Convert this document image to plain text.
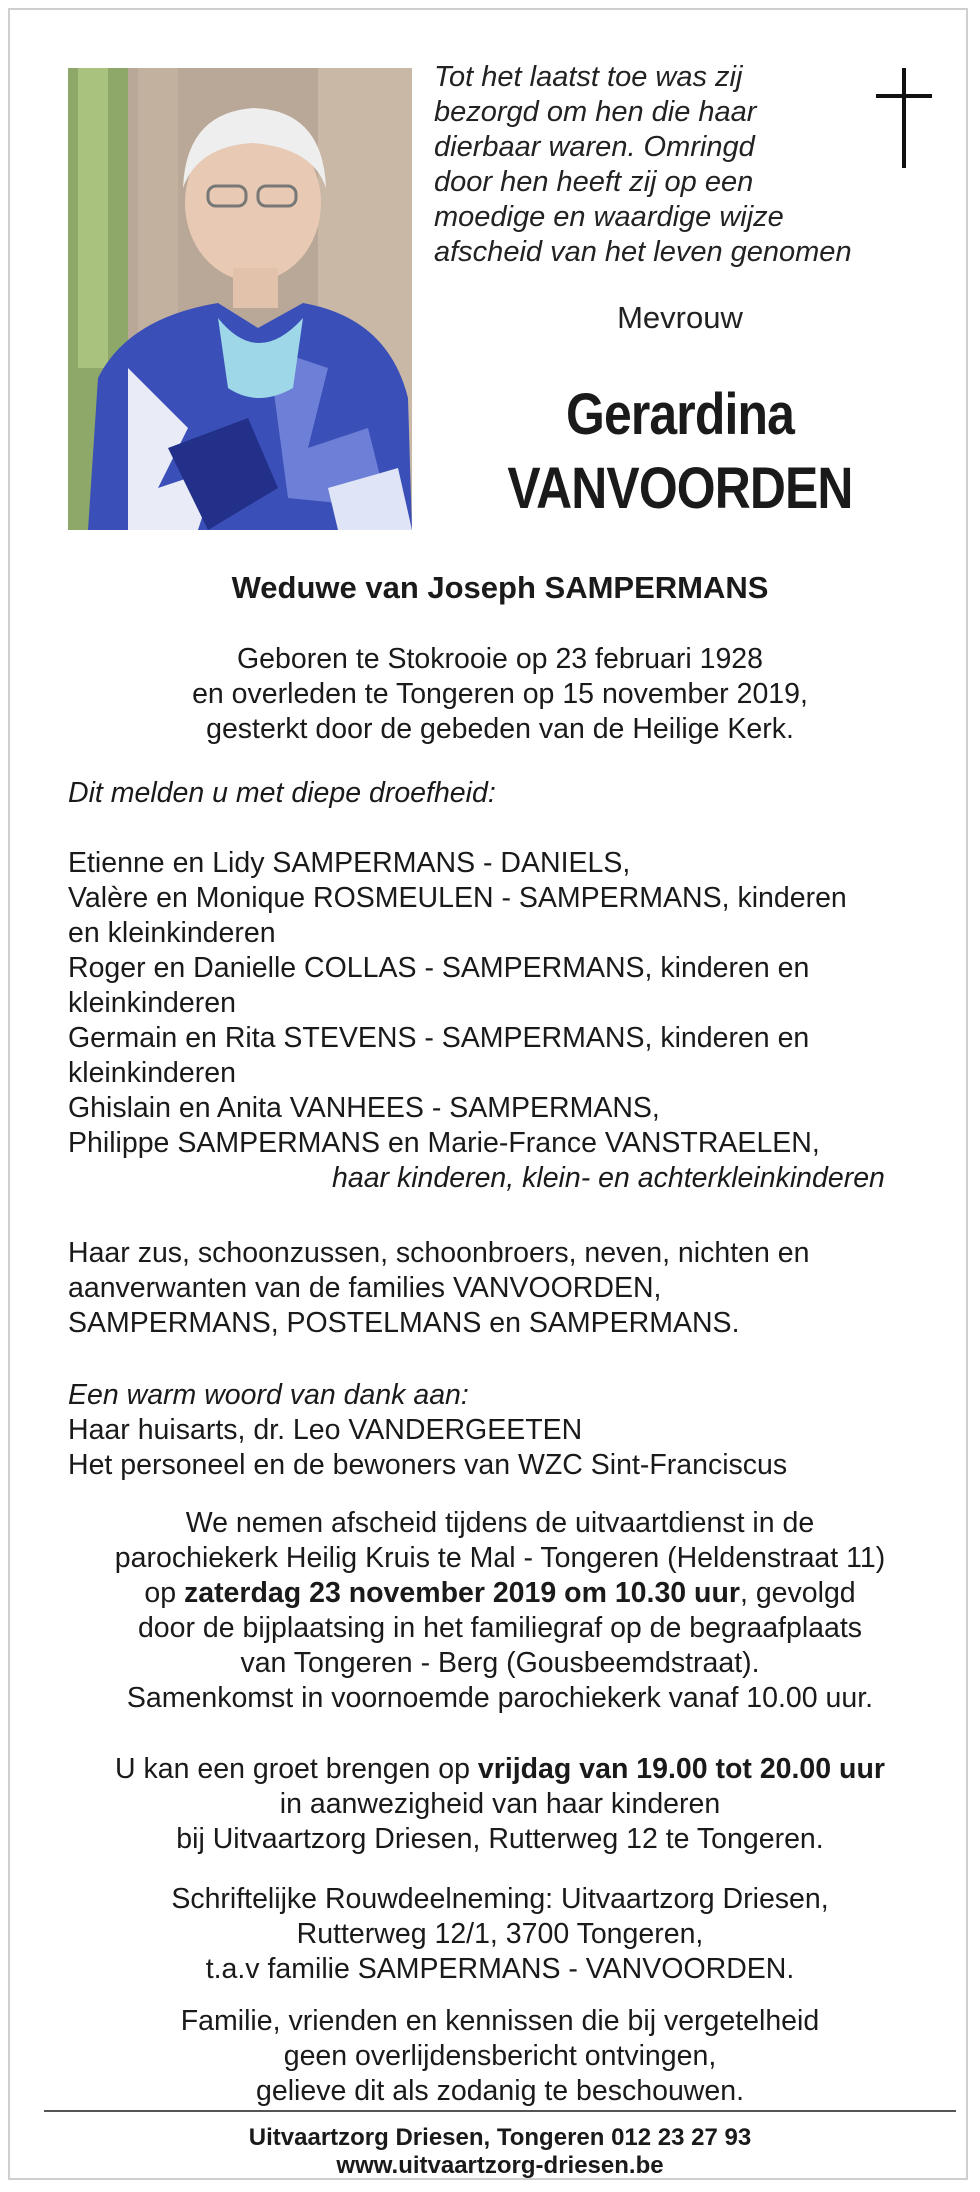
Tot het laatst toe was zij
bezorgd om hen die haar
dierbaar waren. Omringd
door hen heeft zij op een
moedige en waardige wijze
afscheid van het leven genomen
Mevrouw
Gerardina
VANVOORDEN
Weduwe van Joseph SAMPERMANS
Geboren te Stokrooie op 23 februari 1928
en overleden te Tongeren op 15 november 2019,
gesterkt door de gebeden van de Heilige Kerk.
Dit melden u met diepe droefheid:
Etienne en Lidy SAMPERMANS - DANIELS,
Valère en Monique ROSMEULEN - SAMPERMANS, kinderen
en kleinkinderen
Roger en Danielle COLLAS - SAMPERMANS, kinderen en
kleinkinderen
Germain en Rita STEVENS - SAMPERMANS, kinderen en
kleinkinderen
Ghislain en Anita VANHEES - SAMPERMANS,
Philippe SAMPERMANS en Marie-France VANSTRAELEN,
haar kinderen, klein- en achterkleinkinderen
Haar zus, schoonzussen, schoonbroers, neven, nichten en
aanverwanten van de families VANVOORDEN,
SAMPERMANS, POSTELMANS en SAMPERMANS.
Een warm woord van dank aan:
Haar huisarts, dr. Leo VANDERGEETEN
Het personeel en de bewoners van WZC Sint-Franciscus
We nemen afscheid tijdens de uitvaartdienst in de
parochiekerk Heilig Kruis te Mal - Tongeren (Heldenstraat 11)
op zaterdag 23 november 2019 om 10.30 uur, gevolgd
door de bijplaatsing in het familiegraf op de begraafplaats
van Tongeren - Berg (Gousbeemdstraat).
Samenkomst in voornoemde parochiekerk vanaf 10.00 uur.
U kan een groet brengen op vrijdag van 19.00 tot 20.00 uur
in aanwezigheid van haar kinderen
bij Uitvaartzorg Driesen, Rutterweg 12 te Tongeren.
Schriftelijke Rouwdeelneming: Uitvaartzorg Driesen,
Rutterweg 12/1, 3700 Tongeren,
t.a.v familie SAMPERMANS - VANVOORDEN.
Familie, vrienden en kennissen die bij vergetelheid
geen overlijdensbericht ontvingen,
gelieve dit als zodanig te beschouwen.
Uitvaartzorg Driesen, Tongeren 012 23 27 93
www.uitvaartzorg-driesen.be
